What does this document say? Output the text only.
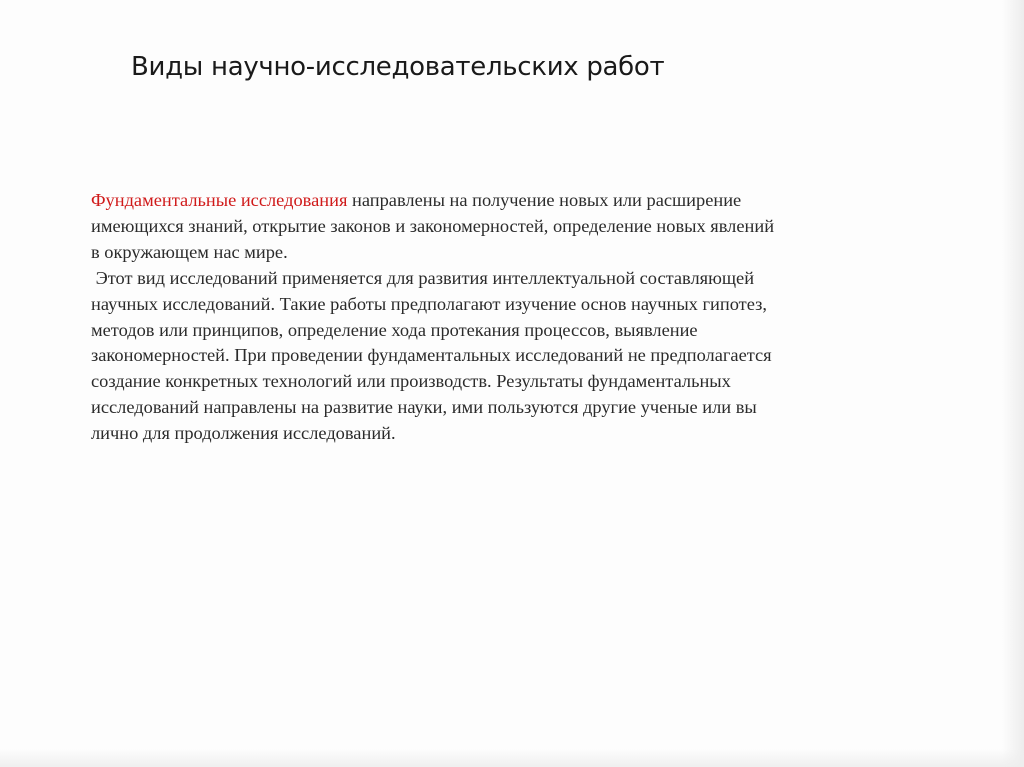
Виды научно-исследовательских работ

Фундаментальные исследования направлены на получение новых или расширение

имеющихся знаний, открытие законов и закономерностей, определение новых явлений

в окружающем нас мире.

Этот вид исследований применяется для развития интеллектуальной составляющей

научных исследований. Такие работы предполагают изучение основ научных гипотез,

методов или принципов, определение хода протекания процессов, выявление

закономерностей. При проведении фундаментальных исследований не предполагается

создание конкретных технологий или производств. Результаты фундаментальных

исследований направлены на развитие науки, ими пользуются другие ученые или вы

лично для продолжения исследований.
